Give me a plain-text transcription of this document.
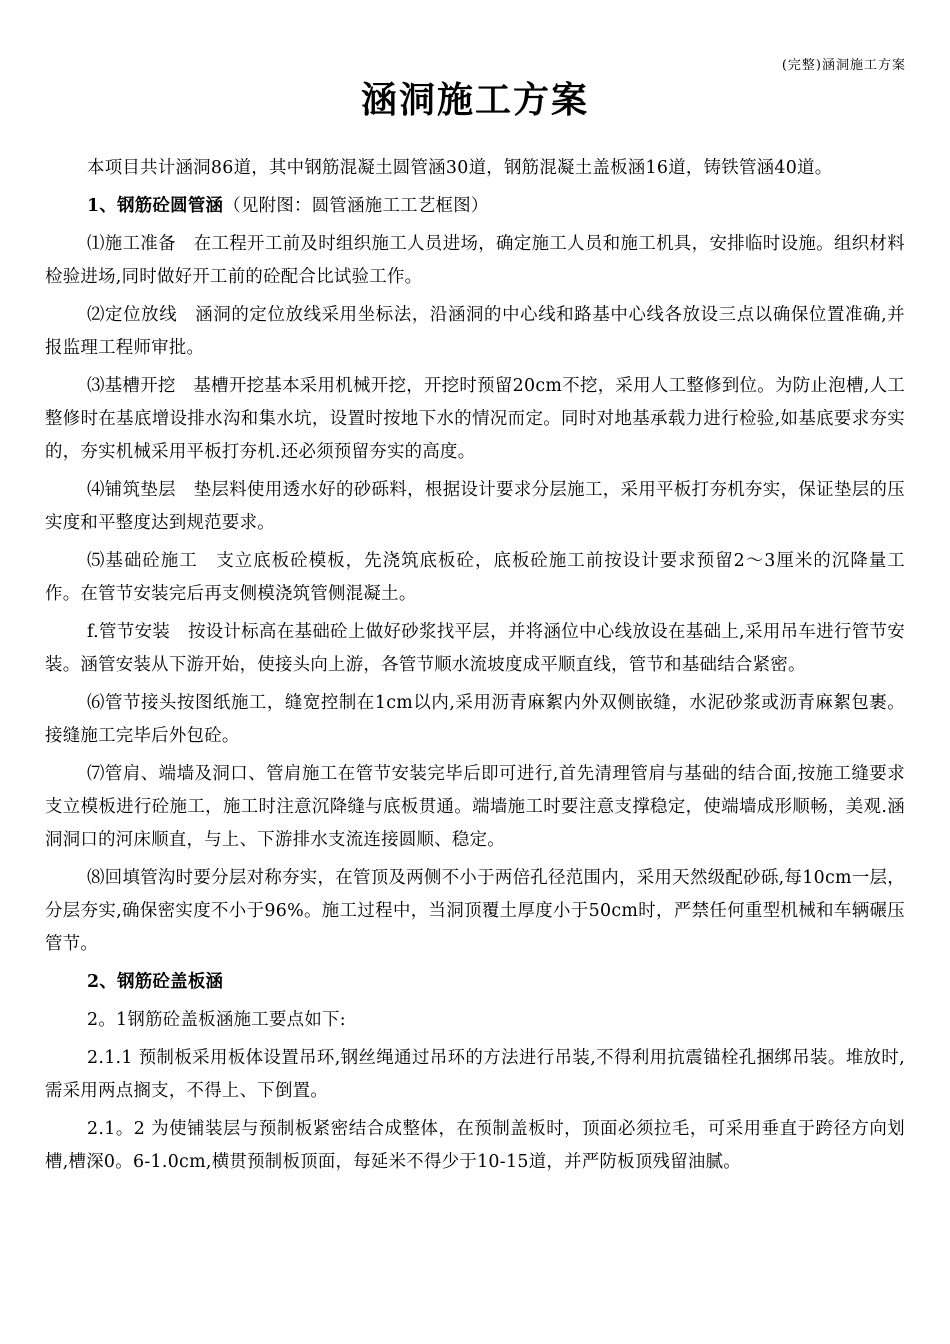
(完整)涵洞施工方案
涵洞施工方案

本项目共计涵洞86道，其中钢筋混凝土圆管涵30道，钢筋混凝土盖板涵16道，铸铁管涵40道。

1、钢筋砼圆管涵（见附图：圆管涵施工工艺框图）

⑴施工准备　在工程开工前及时组织施工人员进场，确定施工人员和施工机具，安排临时设施。组织材料检验进场,同时做好开工前的砼配合比试验工作。

⑵定位放线　涵洞的定位放线采用坐标法，沿涵洞的中心线和路基中心线各放设三点以确保位置准确,并报监理工程师审批。

⑶基槽开挖　基槽开挖基本采用机械开挖，开挖时预留20cm不挖，采用人工整修到位。为防止泡槽,人工整修时在基底增设排水沟和集水坑，设置时按地下水的情况而定。同时对地基承载力进行检验,如基底要求夯实的，夯实机械采用平板打夯机.还必须预留夯实的高度。

⑷铺筑垫层　垫层料使用透水好的砂砾料，根据设计要求分层施工，采用平板打夯机夯实，保证垫层的压实度和平整度达到规范要求。

⑸基础砼施工　支立底板砼模板，先浇筑底板砼，底板砼施工前按设计要求预留2～3厘米的沉降量工作。在管节安装完后再支侧模浇筑管侧混凝土。

f.管节安装　按设计标高在基础砼上做好砂浆找平层，并将涵位中心线放设在基础上,采用吊车进行管节安装。涵管安装从下游开始，使接头向上游，各管节顺水流坡度成平顺直线，管节和基础结合紧密。

⑹管节接头按图纸施工，缝宽控制在1cm以内,采用沥青麻絮内外双侧嵌缝，水泥砂浆或沥青麻絮包裹。接缝施工完毕后外包砼。

⑺管肩、端墙及洞口、管肩施工在管节安装完毕后即可进行,首先清理管肩与基础的结合面,按施工缝要求支立模板进行砼施工，施工时注意沉降缝与底板贯通。端墙施工时要注意支撑稳定，使端墙成形顺畅，美观.涵洞洞口的河床顺直，与上、下游排水支流连接圆顺、稳定。

⑻回填管沟时要分层对称夯实，在管顶及两侧不小于两倍孔径范围内，采用天然级配砂砾,每10cm一层，分层夯实,确保密实度不小于96%。施工过程中，当洞顶覆土厚度小于50cm时，严禁任何重型机械和车辆碾压管节。

2、钢筋砼盖板涵

2。1钢筋砼盖板涵施工要点如下:

2.1.1 预制板采用板体设置吊环,钢丝绳通过吊环的方法进行吊装,不得利用抗震锚栓孔捆绑吊装。堆放时,需采用两点搁支，不得上、下倒置。

2.1。2 为使铺装层与预制板紧密结合成整体，在预制盖板时，顶面必须拉毛，可采用垂直于跨径方向划槽,槽深0。6-1.0cm,横贯预制板顶面，每延米不得少于10-15道，并严防板顶残留油腻。
